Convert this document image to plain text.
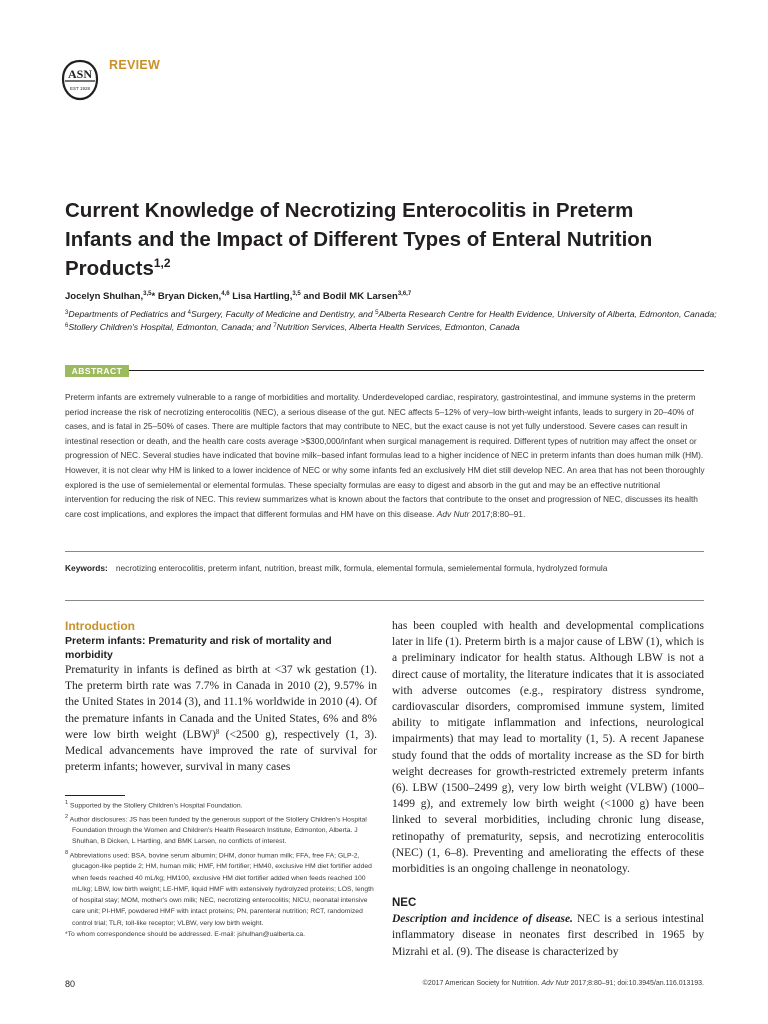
ASN
EST 1928
REVIEW
Current Knowledge of Necrotizing Enterocolitis in Preterm Infants and the Impact of Different Types of Enteral Nutrition Products$^{1,2}$
Jocelyn Shulhan,$^{3,5}$* Bryan Dicken,$^{4,6}$ Lisa Hartling,$^{3,5}$ and Bodil MK Larsen$^{3,6,7}$
$^3$Departments of Pediatrics and $^4$Surgery, Faculty of Medicine and Dentistry, and $^5$Alberta Research Centre for Health Evidence, University of Alberta, Edmonton, Canada; $^6$Stollery Children's Hospital, Edmonton, Canada; and $^7$Nutrition Services, Alberta Health Services, Edmonton, Canada
ABSTRACT

Preterm infants are extremely vulnerable to a range of morbidities and mortality. Underdeveloped cardiac, respiratory, gastrointestinal, and immune systems in the preterm period increase the risk of necrotizing enterocolitis (NEC), a serious disease of the gut. NEC affects 5–12% of very–low birth-weight infants, leads to surgery in 20–40% of cases, and is fatal in 25–50% of cases. There are multiple factors that may contribute to NEC, but the exact cause is not yet fully understood. Severe cases can result in intestinal resection or death, and the health care costs average >$300,000/infant when surgical management is required. Different types of nutrition may affect the onset or progression of NEC. Several studies have indicated that bovine milk–based infant formulas lead to a higher incidence of NEC in preterm infants than does human milk (HM). However, it is not clear why HM is linked to a lower incidence of NEC or why some infants fed an exclusively HM diet still develop NEC. An area that has not been thoroughly explored is the use of semielemental or elemental formulas. These specialty formulas are easy to digest and absorb in the gut and may be an effective nutritional intervention for reducing the risk of NEC. This review summarizes what is known about the factors that contribute to the onset and progression of NEC, discusses its health care cost implications, and explores the impact that different formulas and HM have on this disease. Adv Nutr 2017;8:80–91.

Keywords: necrotizing enterocolitis, preterm infant, nutrition, breast milk, formula, elemental formula, semielemental formula, hydrolyzed formula

Introduction
Preterm infants: Prematurity and risk of mortality and morbidity

Prematurity in infants is defined as birth at <37 wk gestation (1). The preterm birth rate was 7.7% in Canada in 2010 (2), 9.57% in the United States in 2014 (3), and 11.1% worldwide in 2010 (4). Of the premature infants in Canada and the United States, 6% and 8% were low birth weight (LBW)$^8$ (<2500 g), respectively (1, 3). Medical advancements have improved the rate of survival for preterm infants; however, survival in many cases

$^1$ Supported by the Stollery Children's Hospital Foundation.

$^2$ Author disclosures: JS has been funded by the generous support of the Stollery Children's Hospital Foundation through the Women and Children's Health Research Institute, Edmonton, Alberta. J Shulhan, B Dicken, L Hartling, and BMK Larsen, no conflicts of interest.

$^8$ Abbreviations used: BSA, bovine serum albumin; DHM, donor human milk; FFA, free FA; GLP-2, glucagon-like peptide 2; HM, human milk; HMF, HM fortifier; HM40, exclusive HM diet fortifier added when feeds reached 40 mL/kg; HM100, exclusive HM diet fortifier added when feeds reached 100 mL/kg; LBW, low birth weight; LE-HMF, liquid HMF with extensively hydrolyzed proteins; LOS, length of hospital stay; MOM, mother's own milk; NEC, necrotizing enterocolitis; NICU, neonatal intensive care unit; PI-HMF, powdered HMF with intact proteins; PN, parenteral nutrition; RCT, randomized control trial; TLR, toll-like receptor; VLBW, very low birth weight.

*To whom correspondence should be addressed. E-mail: jshulhan@ualberta.ca.

has been coupled with health and developmental complications later in life (1). Preterm birth is a major cause of LBW (1), which is a preliminary indicator for health status. Although LBW is not a direct cause of mortality, the literature indicates that it is associated with adverse outcomes (e.g., respiratory distress syndrome, cardiovascular disorders, compromised immune system, limited ability to mitigate inflammation and infections, neurological impairments) that may lead to mortality (1, 5). A recent Japanese study found that the odds of mortality increase as the SD for birth weight decreases for growth-restricted extremely preterm infants (6). LBW (1500–2499 g), very low birth weight (VLBW) (1000–1499 g), and extremely low birth weight (<1000 g) have been linked to several morbidities, including chronic lung disease, retinopathy of prematurity, sepsis, and necrotizing enterocolitis (NEC) (1, 6–8). Preventing and ameliorating the effects of these morbidities is an ongoing challenge in neonatology.

NEC

Description and incidence of disease. NEC is a serious intestinal inflammatory disease in neonates first described in 1965 by Mizrahi et al. (9). The disease is characterized by

80	©2017 American Society for Nutrition. Adv Nutr 2017;8:80–91; doi:10.3945/an.116.013193.
